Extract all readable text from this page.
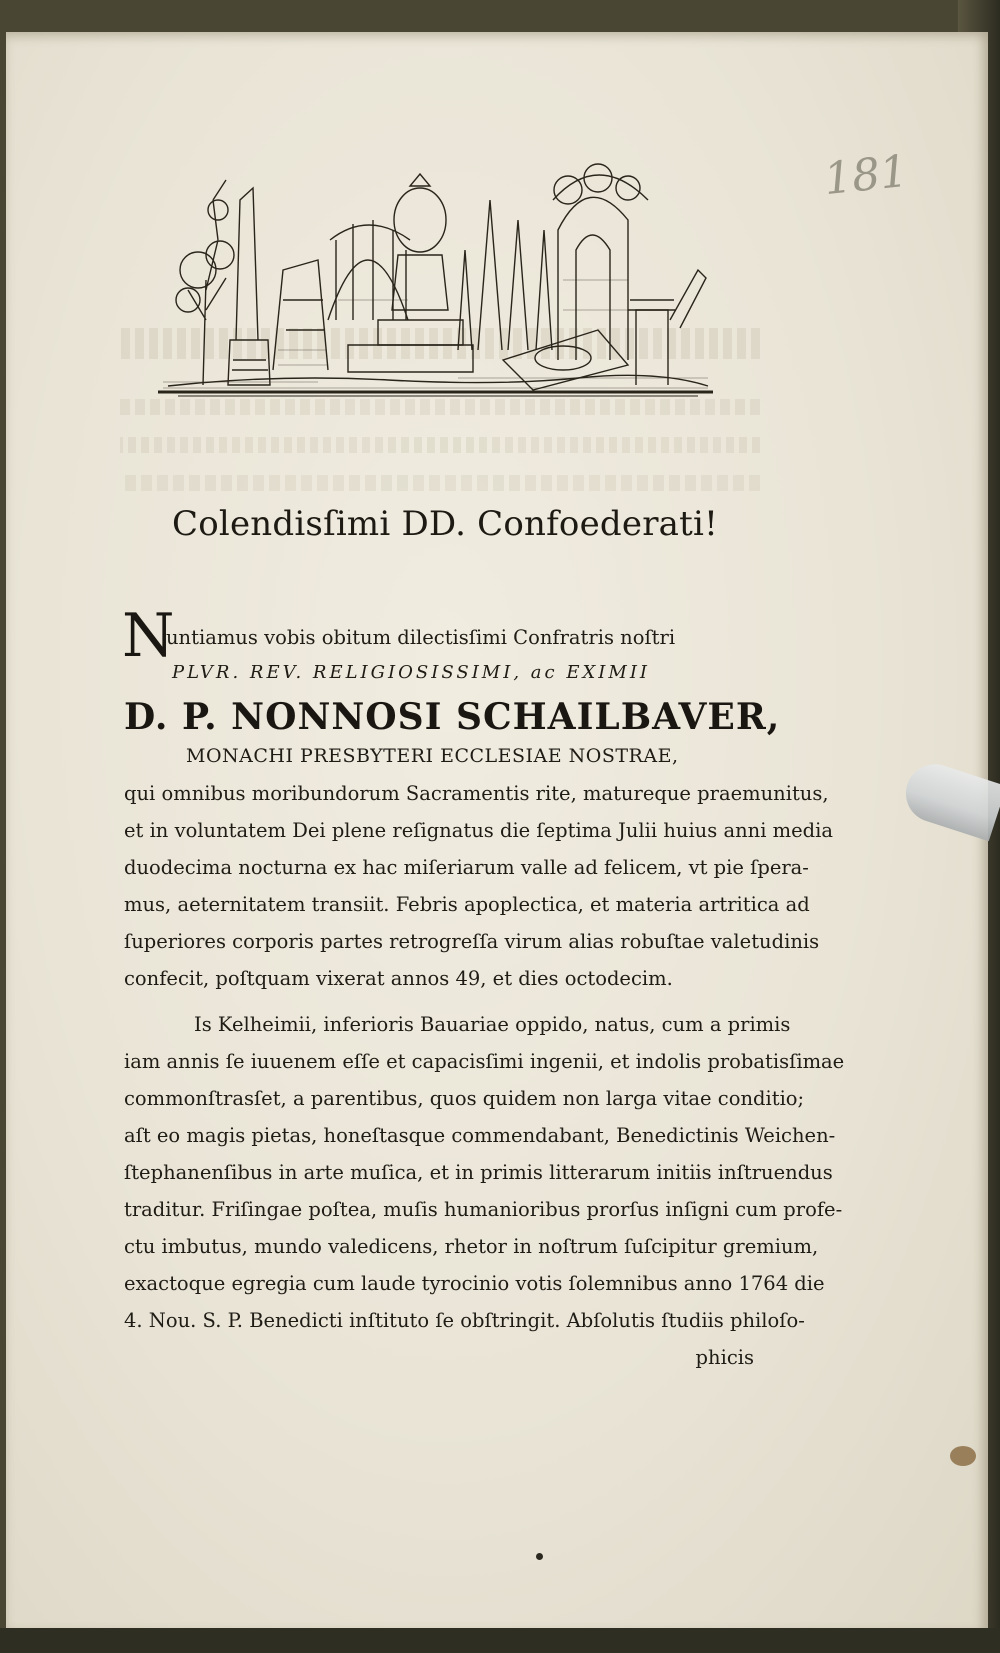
181
Colendisſimi DD. Confoederati!
N
untiamus vobis obitum dilectisſimi Confratris noſtri
PLVR. REV. RELIGIOSISSIMI, ac EXIMII
D. P. NONNOSI SCHAILBAVER,
MONACHI PRESBYTERI ECCLESIAE NOSTRAE,
qui omnibus moribundorum Sacramentis rite, matureque praemunitus,
et in voluntatem Dei plene reſignatus die ſeptima Julii huius anni media
duodecima nocturna ex hac miſeriarum valle ad felicem, vt pie ſpera-
mus, aeternitatem transiit. Febris apoplectica, et materia artritica ad
ſuperiores corporis partes retrogreſſa virum alias robuſtae valetudinis
confecit, poſtquam vixerat annos 49, et dies octodecim.
Is Kelheimii, inferioris Bauariae oppido, natus, cum a primis
iam annis ſe iuuenem eſſe et capacisſimi ingenii, et indolis probatisſimae
commonſtrasſet, a parentibus, quos quidem non larga vitae conditio;
aſt eo magis pietas, honeſtasque commendabant, Benedictinis Weichen-
ſtephanenſibus in arte muſica, et in primis litterarum initiis inſtruendus
traditur. Friſingae poſtea, muſis humanioribus prorſus inſigni cum profe-
ctu imbutus, mundo valedicens, rhetor in noſtrum ſuſcipitur gremium,
exactoque egregia cum laude tyrocinio votis ſolemnibus anno 1764 die
4. Nou. S. P. Benedicti inſtituto ſe obſtringit. Abſolutis ſtudiis philoſo-
phicis
